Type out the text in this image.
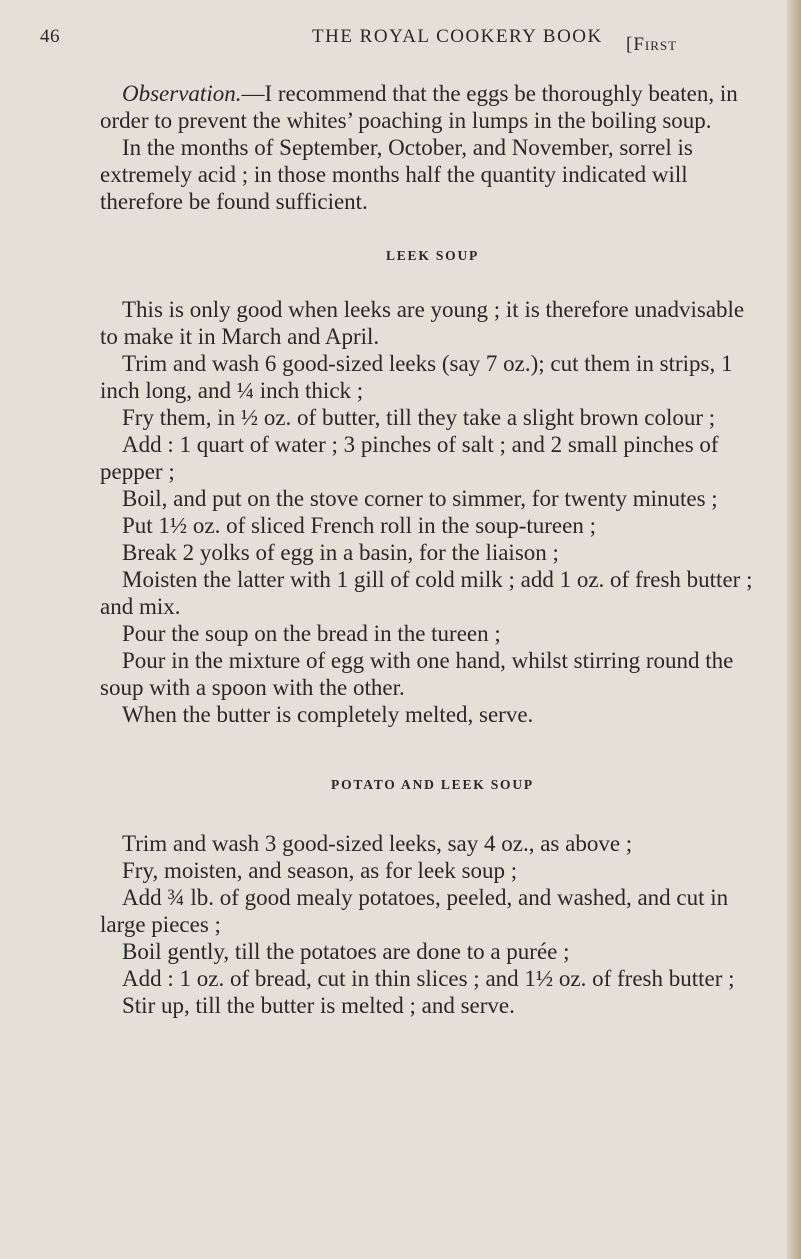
46	THE ROYAL COOKERY BOOK [First

Observation.—I recommend that the eggs be thoroughly beaten, in order to prevent the whites’ poaching in lumps in the boiling soup.

In the months of September, October, and November, sorrel is extremely acid ; in those months half the quantity indicated will therefore be found sufficient.

LEEK SOUP

This is only good when leeks are young ; it is therefore unadvisable to make it in March and April.

Trim and wash 6 good-sized leeks (say 7 oz.); cut them in strips, 1 inch long, and ¼ inch thick ;

Fry them, in ½ oz. of butter, till they take a slight brown colour ;

Add : 1 quart of water ; 3 pinches of salt ; and 2 small pinches of pepper ;

Boil, and put on the stove corner to simmer, for twenty minutes ;

Put 1½ oz. of sliced French roll in the soup-tureen ;

Break 2 yolks of egg in a basin, for the liaison ;

Moisten the latter with 1 gill of cold milk ; add 1 oz. of fresh butter ; and mix.

Pour the soup on the bread in the tureen ;

Pour in the mixture of egg with one hand, whilst stirring round the soup with a spoon with the other.

When the butter is completely melted, serve.

POTATO AND LEEK SOUP

Trim and wash 3 good-sized leeks, say 4 oz., as above ;

Fry, moisten, and season, as for leek soup ;

Add ¾ lb. of good mealy potatoes, peeled, and washed, and cut in large pieces ;

Boil gently, till the potatoes are done to a purée ;

Add : 1 oz. of bread, cut in thin slices ; and 1½ oz. of fresh butter ;

Stir up, till the butter is melted ; and serve.
